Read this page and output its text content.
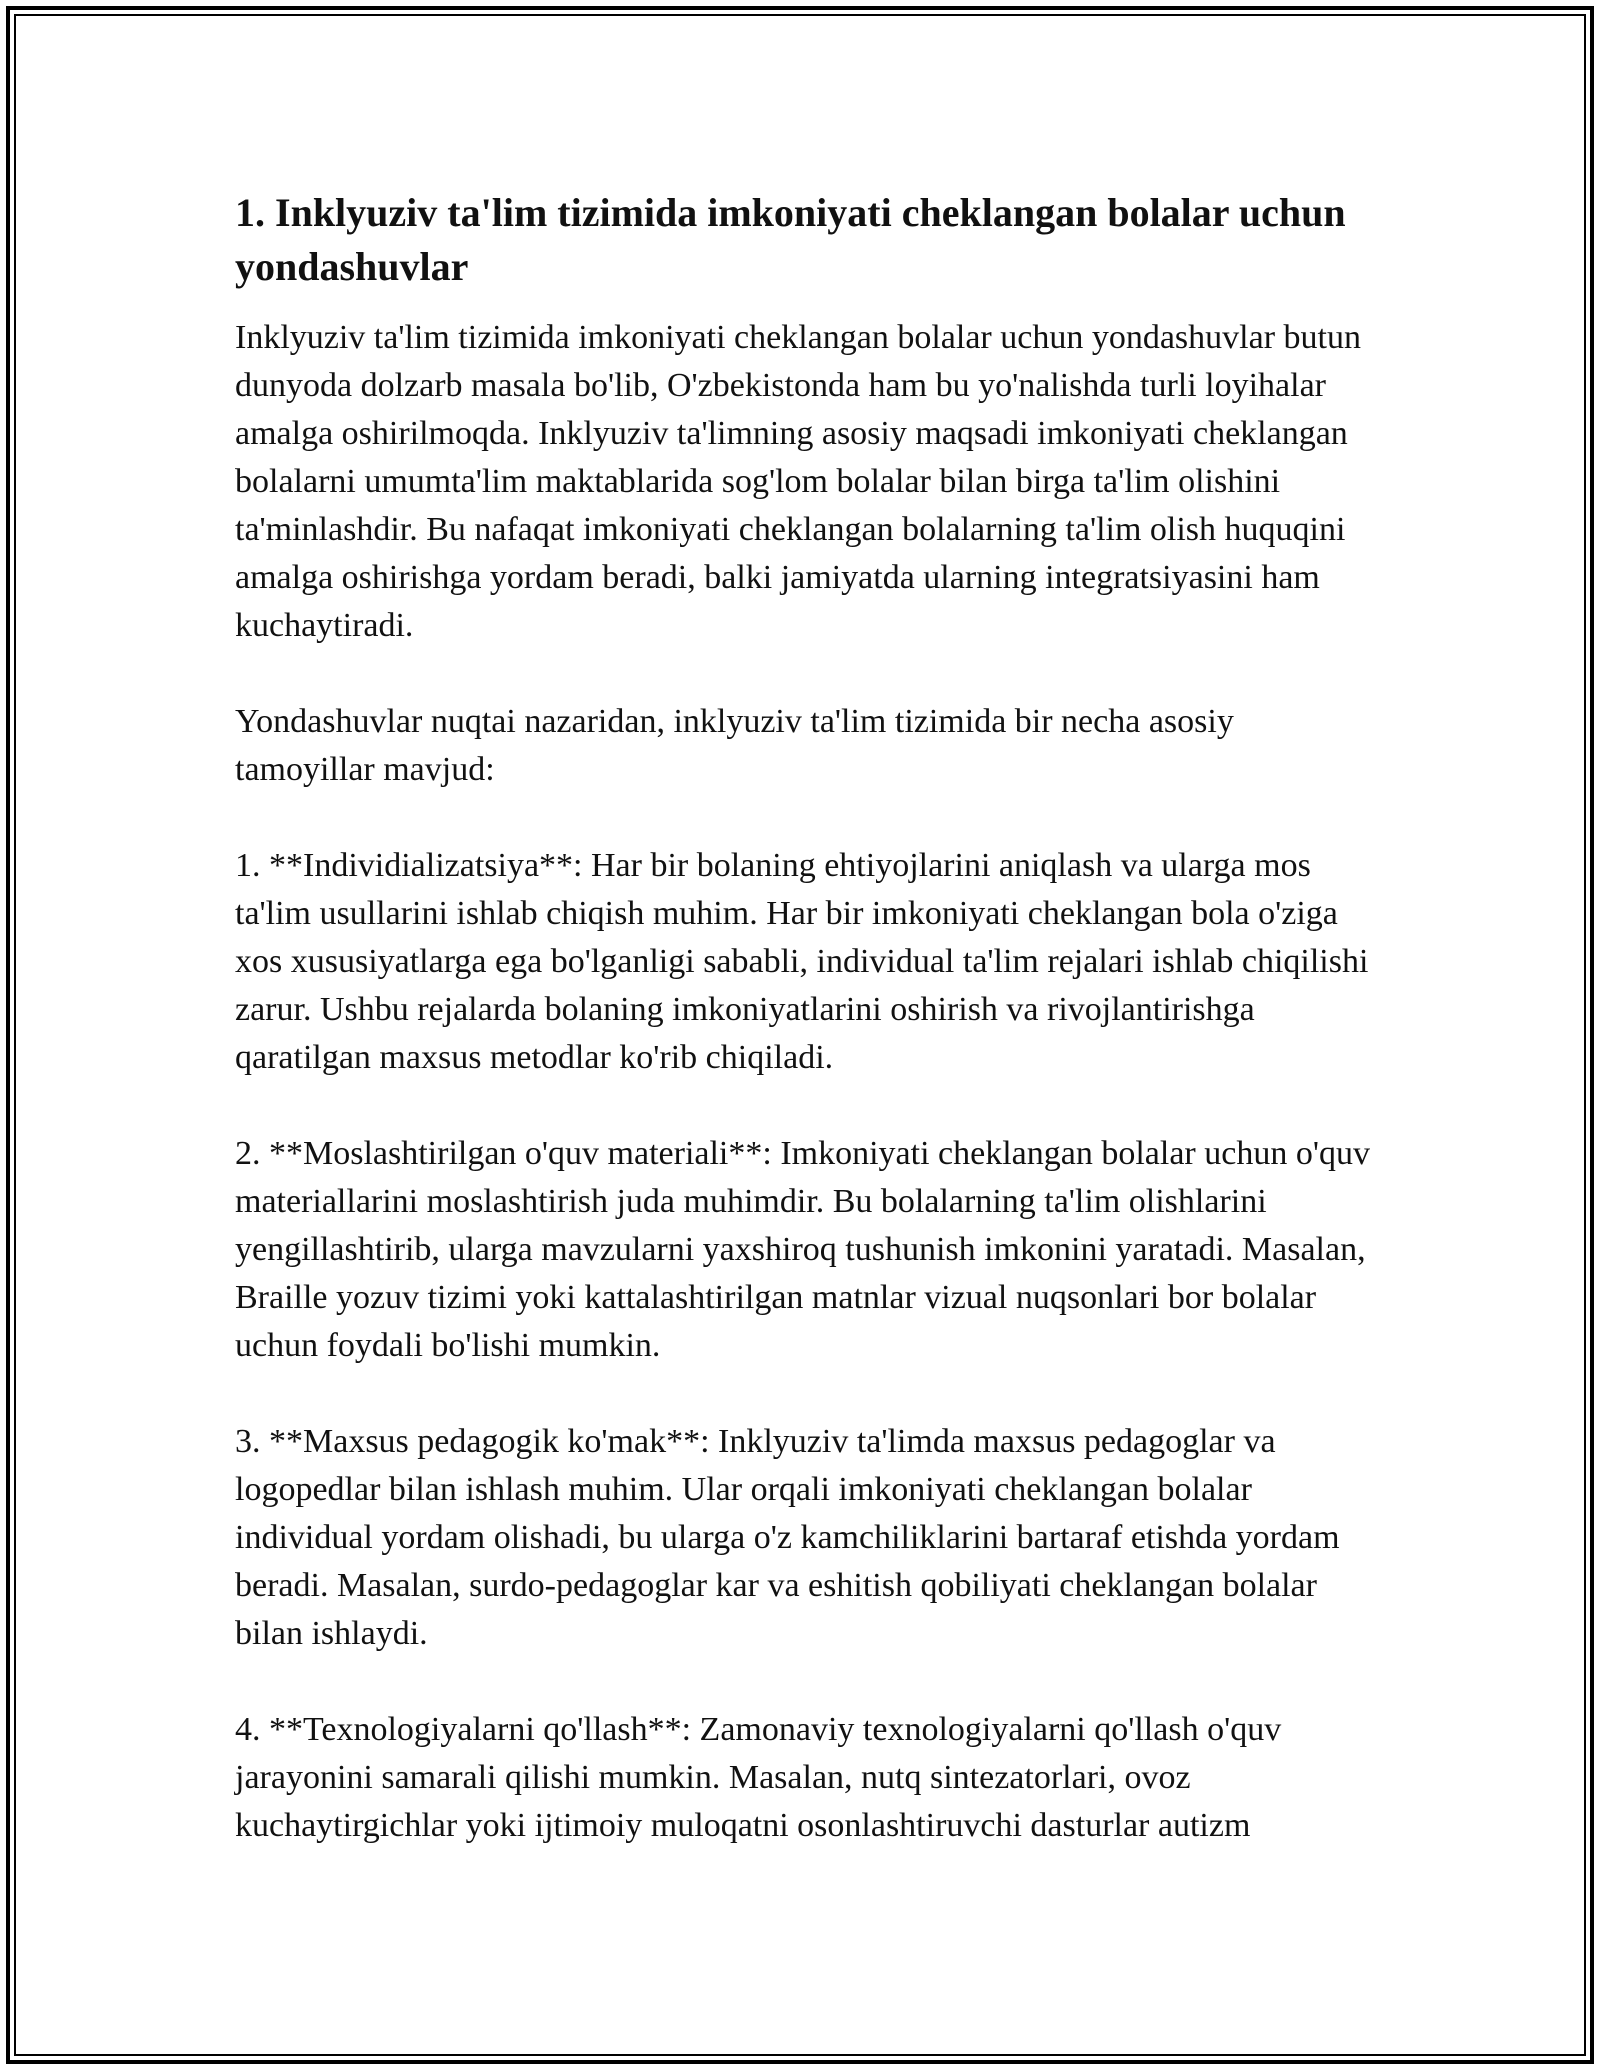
1. Inklyuziv ta'lim tizimida imkoniyati cheklangan bolalar uchun yondashuvlar

Inklyuziv ta'lim tizimida imkoniyati cheklangan bolalar uchun yondashuvlar butun dunyoda dolzarb masala bo'lib, O'zbekistonda ham bu yo'nalishda turli loyihalar amalga oshirilmoqda. Inklyuziv ta'limning asosiy maqsadi imkoniyati cheklangan bolalarni umumta'lim maktablarida sog'lom bolalar bilan birga ta'lim olishini ta'minlashdir. Bu nafaqat imkoniyati cheklangan bolalarning ta'lim olish huquqini amalga oshirishga yordam beradi, balki jamiyatda ularning integratsiyasini ham kuchaytiradi.

Yondashuvlar nuqtai nazaridan, inklyuziv ta'lim tizimida bir necha asosiy tamoyillar mavjud:

1. **Individializatsiya**: Har bir bolaning ehtiyojlarini aniqlash va ularga mos ta'lim usullarini ishlab chiqish muhim. Har bir imkoniyati cheklangan bola o'ziga xos xususiyatlarga ega bo'lganligi sababli, individual ta'lim rejalari ishlab chiqilishi zarur. Ushbu rejalarda bolaning imkoniyatlarini oshirish va rivojlantirishga qaratilgan maxsus metodlar ko'rib chiqiladi.

2. **Moslashtirilgan o'quv materiali**: Imkoniyati cheklangan bolalar uchun o'quv materiallarini moslashtirish juda muhimdir. Bu bolalarning ta'lim olishlarini yengillashtirib, ularga mavzularni yaxshiroq tushunish imkonini yaratadi. Masalan, Braille yozuv tizimi yoki kattalashtirilgan matnlar vizual nuqsonlari bor bolalar uchun foydali bo'lishi mumkin.

3. **Maxsus pedagogik ko'mak**: Inklyuziv ta'limda maxsus pedagoglar va logopedlar bilan ishlash muhim. Ular orqali imkoniyati cheklangan bolalar individual yordam olishadi, bu ularga o'z kamchiliklarini bartaraf etishda yordam beradi. Masalan, surdo-pedagoglar kar va eshitish qobiliyati cheklangan bolalar bilan ishlaydi.

4. **Texnologiyalarni qo'llash**: Zamonaviy texnologiyalarni qo'llash o'quv jarayonini samarali qilishi mumkin. Masalan, nutq sintezatorlari, ovoz kuchaytirgichlar yoki ijtimoiy muloqatni osonlashtiruvchi dasturlar autizm
